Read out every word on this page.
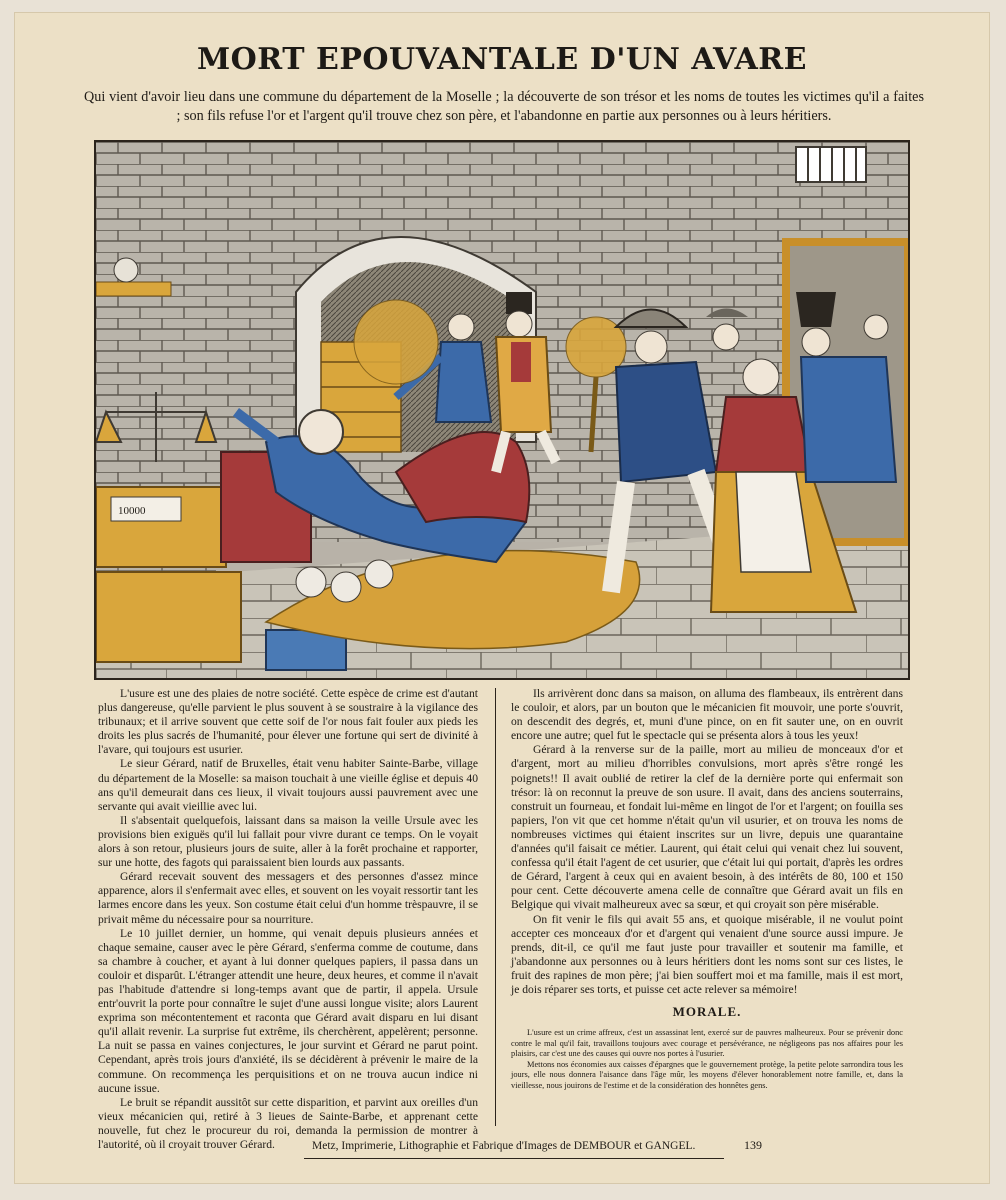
MORT EPOUVANTALE D'UN AVARE
Qui vient d'avoir lieu dans une commune du département de la Moselle ; la découverte de son trésor et les noms de toutes les victimes qu'il a faites ; son fils refuse l'or et l'argent qu'il trouve chez son père, et l'abandonne en partie aux personnes ou à leurs héritiers.
10000

L'usure est une des plaies de notre société. Cette espèce de crime est d'autant plus dangereuse, qu'elle parvient le plus souvent à se soustraire à la vigilance des tribunaux; et il arrive souvent que cette soif de l'or nous fait fouler aux pieds les droits les plus sacrés de l'humanité, pour élever une fortune qui sert de divinité à l'avare, qui toujours est usurier.

Le sieur Gérard, natif de Bruxelles, était venu habiter Sainte-Barbe, village du département de la Moselle: sa maison touchait à une vieille église et depuis 40 ans qu'il demeurait dans ces lieux, il vivait toujours aussi pauvrement avec une servante qui avait vieillie avec lui.

Il s'absentait quelquefois, laissant dans sa maison la veille Ursule avec les provisions bien exiguës qu'il lui fallait pour vivre durant ce temps. On le voyait alors à son retour, plusieurs jours de suite, aller à la forêt prochaine et rapporter, sur une hotte, des fagots qui paraissaient bien lourds aux passants.

Gérard recevait souvent des messagers et des personnes d'assez mince apparence, alors il s'enfermait avec elles, et souvent on les voyait ressortir tant les larmes encore dans les yeux. Son costume était celui d'un homme trèspauvre, il se privait même du nécessaire pour sa nourriture.

Le 10 juillet dernier, un homme, qui venait depuis plusieurs années et chaque semaine, causer avec le père Gérard, s'enferma comme de coutume, dans sa chambre à coucher, et ayant à lui donner quelques papiers, il passa dans un couloir et disparût. L'étranger attendit une heure, deux heures, et comme il n'avait pas l'habitude d'attendre si long-temps avant que de partir, il appela. Ursule entr'ouvrit la porte pour connaître le sujet d'une aussi longue visite; alors Laurent exprima son mécontentement et raconta que Gérard avait disparu en lui disant qu'il allait revenir. La surprise fut extrême, ils cherchèrent, appelèrent; personne. La nuit se passa en vaines conjectures, le jour survint et Gérard ne parut point. Cependant, après trois jours d'anxiété, ils se décidèrent à prévenir le maire de la commune. On recommença les perquisitions et on ne trouva aucun indice ni aucune issue.

Le bruit se répandit aussitôt sur cette disparition, et parvint aux oreilles d'un vieux mécanicien qui, retiré à 3 lieues de Sainte-Barbe, et apprenant cette nouvelle, fut chez le procureur du roi, demanda la permission de montrer à l'autorité, où il croyait trouver Gérard.

Ils arrivèrent donc dans sa maison, on alluma des flambeaux, ils entrèrent dans le couloir, et alors, par un bouton que le mécanicien fit mouvoir, une porte s'ouvrit, on descendit des degrés, et, muni d'une pince, on en fit sauter une, on en ouvrit encore une autre; quel fut le spectacle qui se présenta alors à tous les yeux!

Gérard à la renverse sur de la paille, mort au milieu de monceaux d'or et d'argent, mort au milieu d'horribles convulsions, mort après s'être rongé les poignets!! Il avait oublié de retirer la clef de la dernière porte qui enfermait son trésor: là on reconnut la preuve de son usure. Il avait, dans des anciens souterrains, construit un fourneau, et fondait lui-même en lingot de l'or et l'argent; on fouilla ses papiers, l'on vit que cet homme n'était qu'un vil usurier, et on trouva les noms de nombreuses victimes qui étaient inscrites sur un livre, depuis une quarantaine d'années qu'il faisait ce métier. Laurent, qui était celui qui venait chez lui souvent, confessa qu'il était l'agent de cet usurier, que c'était lui qui portait, d'après les ordres de Gérard, l'argent à ceux qui en avaient besoin, à des intérêts de 80, 100 et 150 pour cent. Cette découverte amena celle de connaître que Gérard avait un fils en Belgique qui vivait malheureux avec sa sœur, et qui croyait son père misérable.

On fit venir le fils qui avait 55 ans, et quoique misérable, il ne voulut point accepter ces monceaux d'or et d'argent qui venaient d'une source aussi impure. Je prends, dit-il, ce qu'il me faut juste pour travailler et soutenir ma famille, et j'abandonne aux personnes ou à leurs héritiers dont les noms sont sur ces listes, le fruit des rapines de mon père; j'ai bien souffert moi et ma famille, mais il est mort, je dois réparer ses torts, et puisse cet acte relever sa mémoire!

MORALE.

L'usure est un crime affreux, c'est un assassinat lent, exercé sur de pauvres malheureux. Pour se prévenir donc contre le mal qu'il fait, travaillons toujours avec courage et persévérance, ne négligeons pas nos affaires pour les plaisirs, car c'est une des causes qui ouvre nos portes à l'usurier.

Mettons nos économies aux caisses d'épargnes que le gouvernement protège, la petite pelote sarrondira tous les jours, elle nous donnera l'aisance dans l'âge mûr, les moyens d'élever honorablement notre famille, et, dans la vieillesse, nous jouirons de l'estime et de la considération des honnêtes gens.

Metz, Imprimerie, Lithographie et Fabrique d'Images de DEMBOUR et GANGEL.	139
